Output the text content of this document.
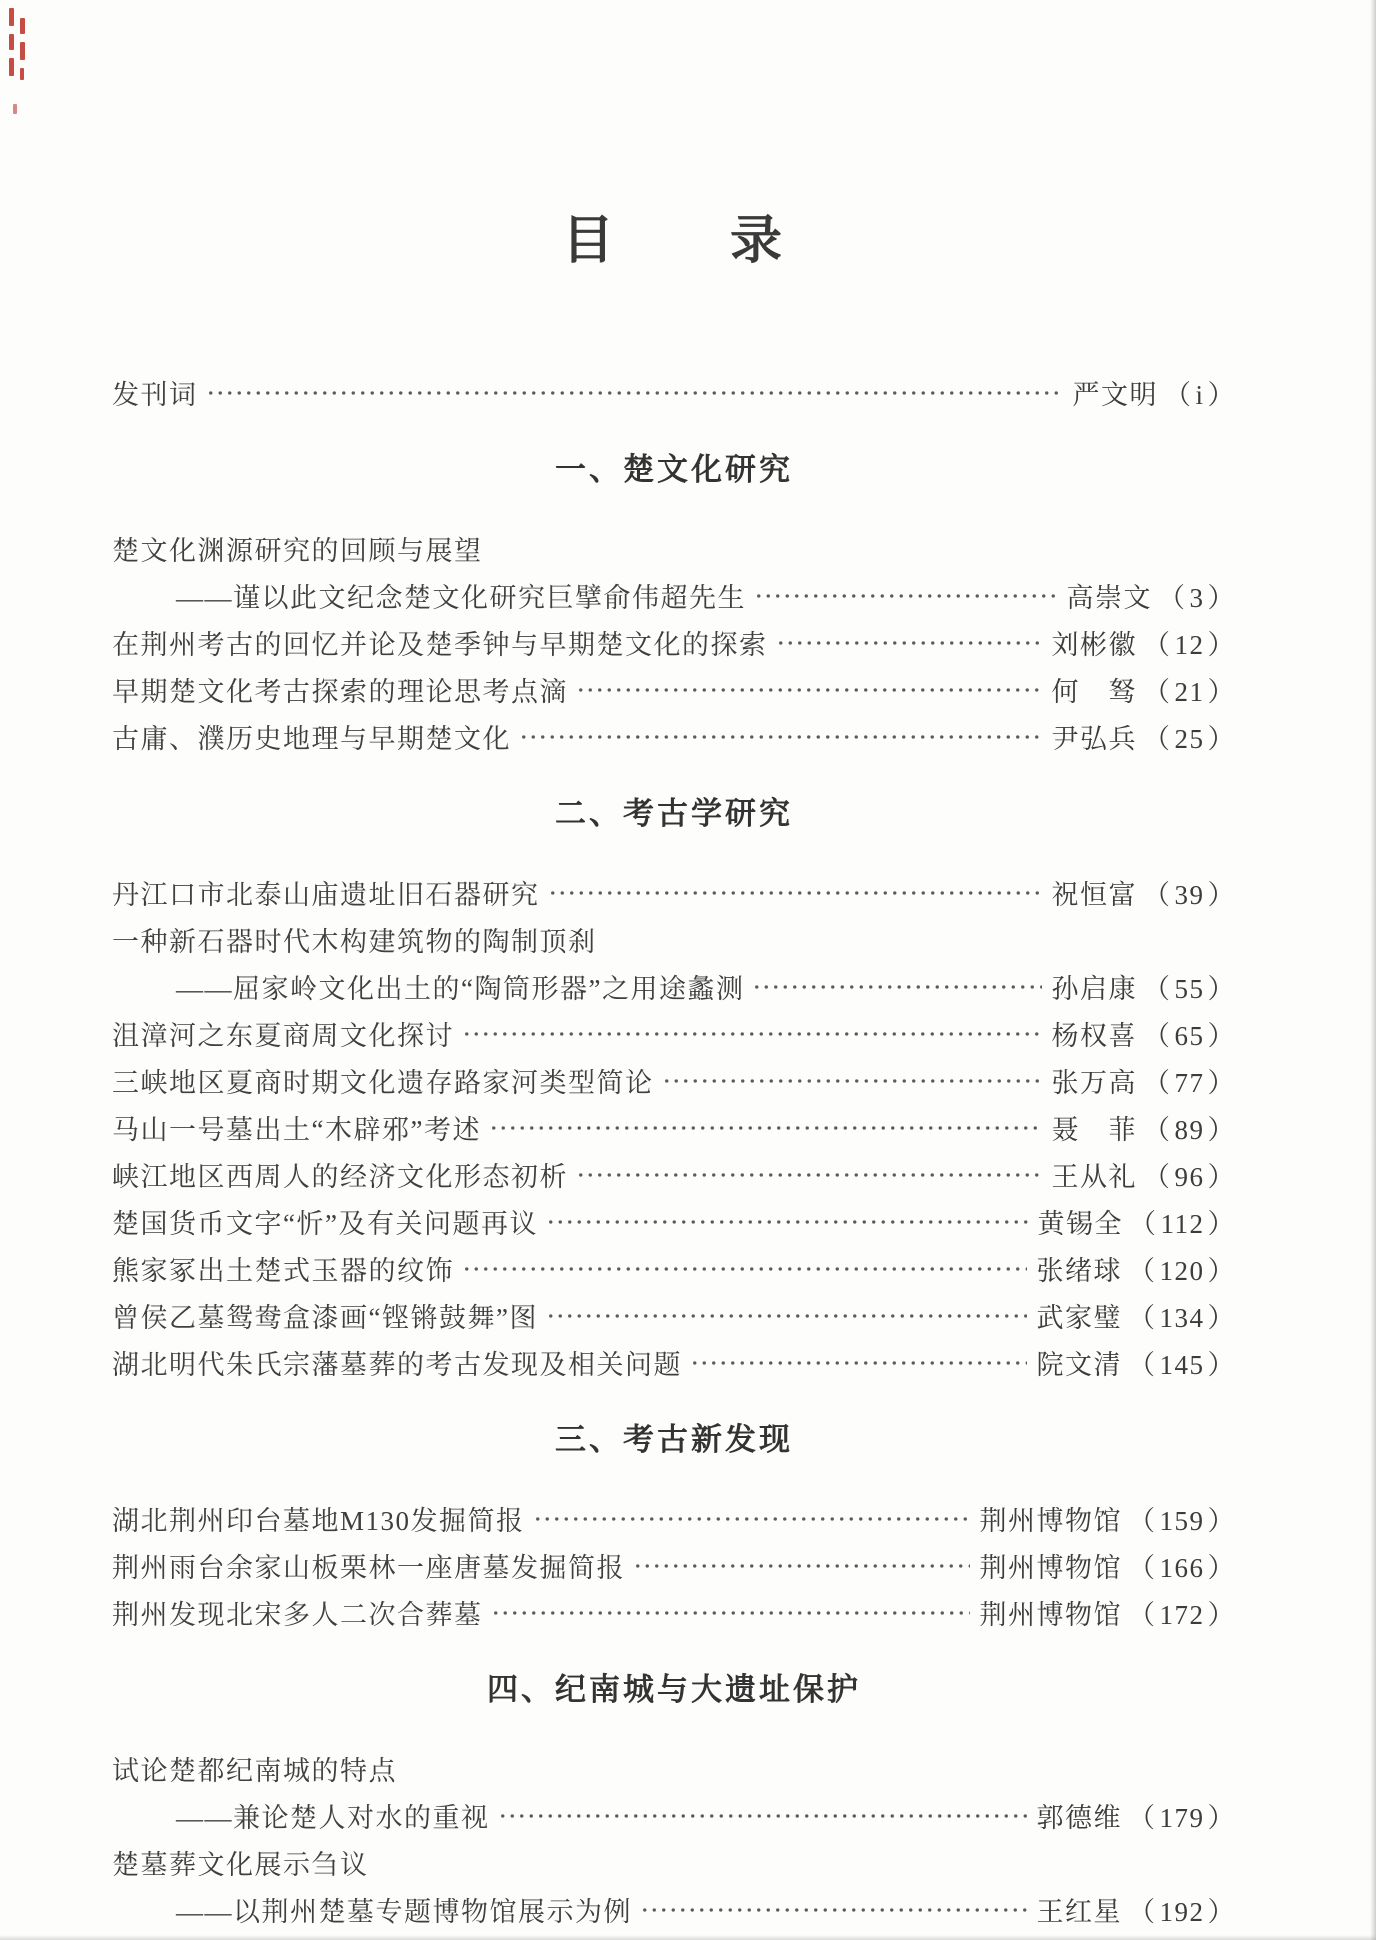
目　　录
发刊词	严文明 （ i ）
一、楚文化研究
楚文化渊源研究的回顾与展望
——谨以此文纪念楚文化研究巨擘俞伟超先生	高崇文 （ 3 ）
在荆州考古的回忆并论及楚季钟与早期楚文化的探索	刘彬徽 （ 12 ）
早期楚文化考古探索的理论思考点滴	何　驽 （ 21 ）
古庸、濮历史地理与早期楚文化	尹弘兵 （ 25 ）
二、考古学研究
丹江口市北泰山庙遗址旧石器研究	祝恒富 （ 39 ）
一种新石器时代木构建筑物的陶制顶刹
——屈家岭文化出土的“陶筒形器”之用途蠡测	孙启康 （ 55 ）
沮漳河之东夏商周文化探讨	杨权喜 （ 65 ）
三峡地区夏商时期文化遗存路家河类型简论	张万高 （ 77 ）
马山一号墓出土“木辟邪”考述	聂　菲 （ 89 ）
峡江地区西周人的经济文化形态初析	王从礼 （ 96 ）
楚国货币文字“忻”及有关问题再议	黄锡全 （ 112 ）
熊家冢出土楚式玉器的纹饰	张绪球 （ 120 ）
曾侯乙墓鸳鸯盒漆画“铿锵鼓舞”图	武家璧 （ 134 ）
湖北明代朱氏宗藩墓葬的考古发现及相关问题	院文清 （ 145 ）
三、考古新发现
湖北荆州印台墓地M130发掘简报	荆州博物馆 （ 159 ）
荆州雨台余家山板栗林一座唐墓发掘简报	荆州博物馆 （ 166 ）
荆州发现北宋多人二次合葬墓	荆州博物馆 （ 172 ）
四、纪南城与大遗址保护
试论楚都纪南城的特点
——兼论楚人对水的重视	郭德维 （ 179 ）
楚墓葬文化展示刍议
——以荆州楚墓专题博物馆展示为例	王红星 （ 192 ）
